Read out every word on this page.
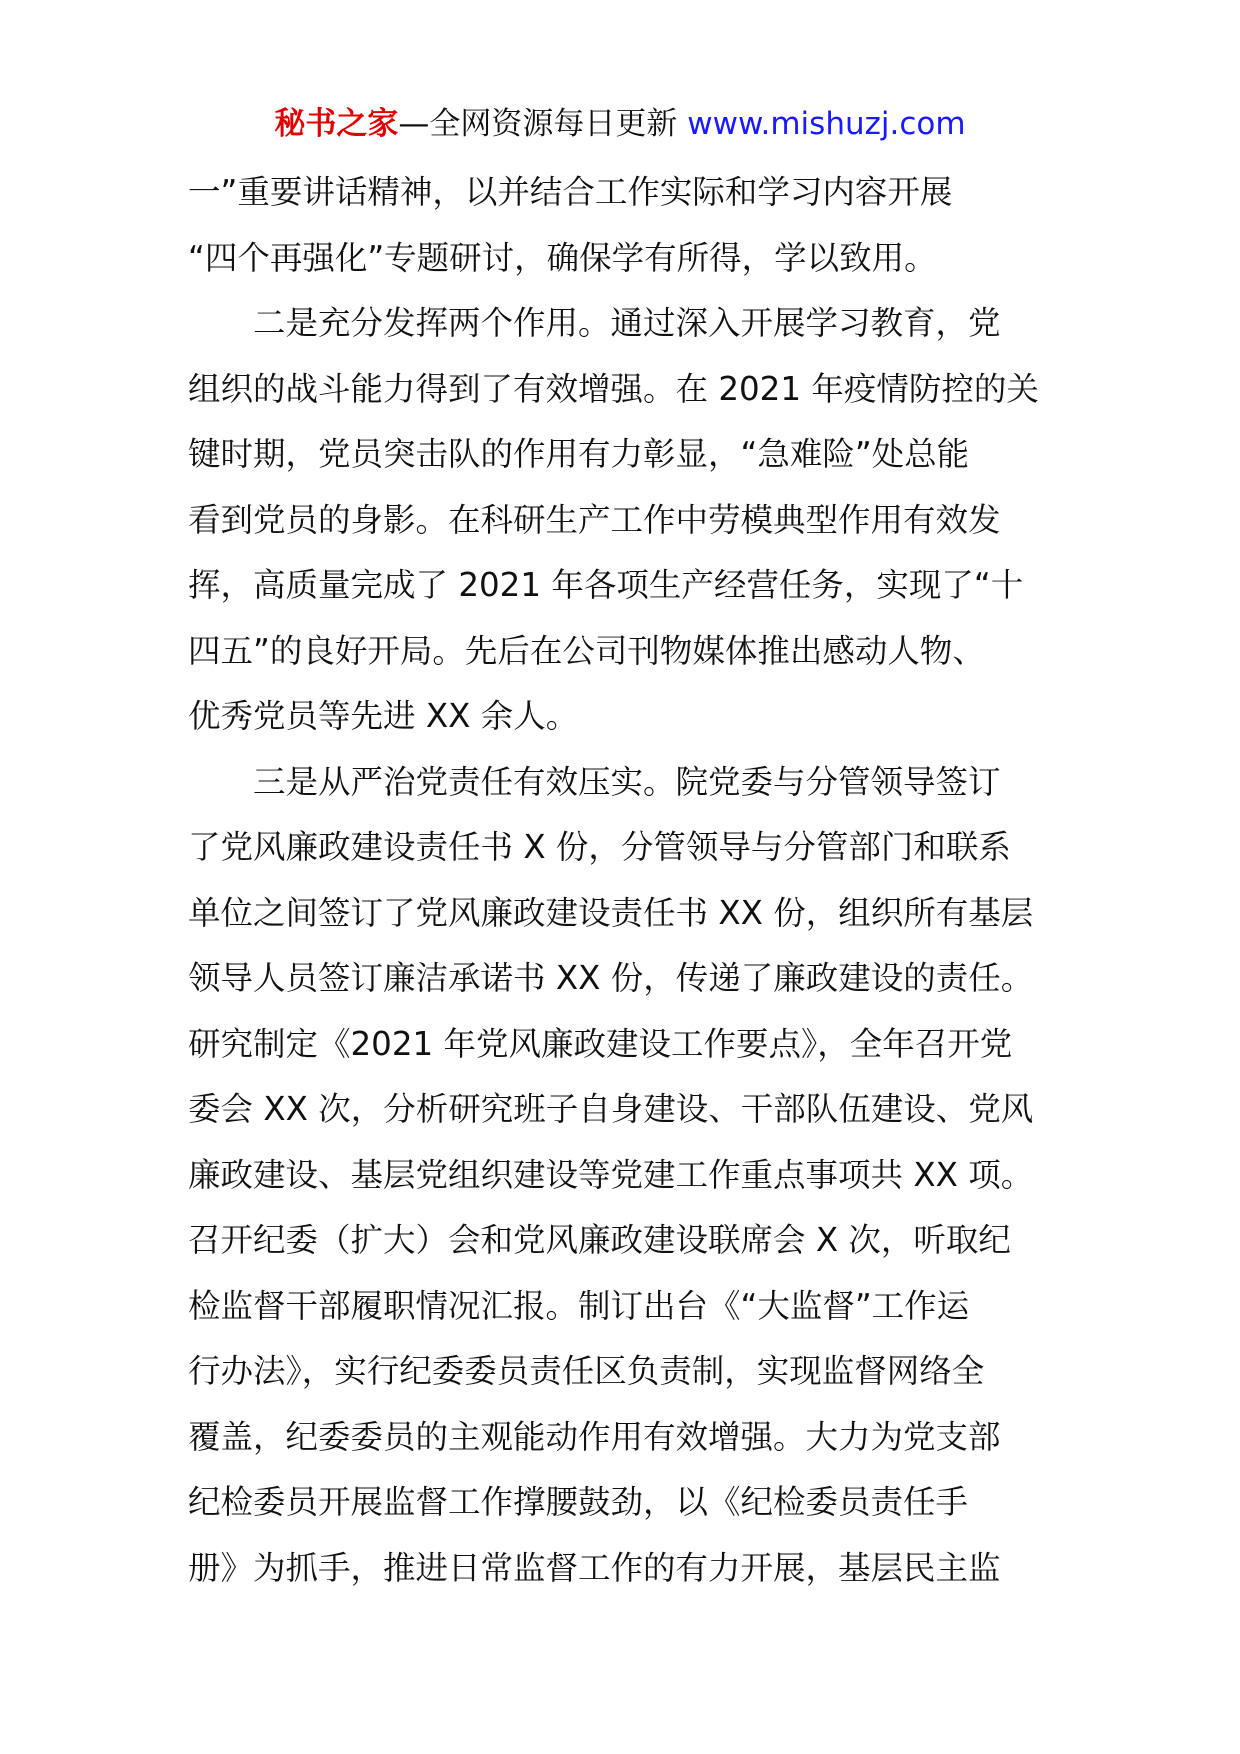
秘书之家—全网资源每日更新 www.mishuzj.com
一”重要讲话精神，以并结合工作实际和学习内容开展
“四个再强化”专题研讨，确保学有所得，学以致用。
　　二是充分发挥两个作用。通过深入开展学习教育，党
组织的战斗能力得到了有效增强。在 2021 年疫情防控的关
键时期，党员突击队的作用有力彰显，“急难险”处总能
看到党员的身影。在科研生产工作中劳模典型作用有效发
挥，高质量完成了 2021 年各项生产经营任务，实现了“十
四五”的良好开局。先后在公司刊物媒体推出感动人物、
优秀党员等先进 XX 余人。
　　三是从严治党责任有效压实。院党委与分管领导签订
了党风廉政建设责任书 X 份，分管领导与分管部门和联系
单位之间签订了党风廉政建设责任书 XX 份，组织所有基层
领导人员签订廉洁承诺书 XX 份，传递了廉政建设的责任。
研究制定《2021 年党风廉政建设工作要点》，全年召开党
委会 XX 次，分析研究班子自身建设、干部队伍建设、党风
廉政建设、基层党组织建设等党建工作重点事项共 XX 项。
召开纪委（扩大）会和党风廉政建设联席会 X 次，听取纪
检监督干部履职情况汇报。制订出台《“大监督”工作运
行办法》，实行纪委委员责任区负责制，实现监督网络全
覆盖，纪委委员的主观能动作用有效增强。大力为党支部
纪检委员开展监督工作撑腰鼓劲，以《纪检委员责任手
册》为抓手，推进日常监督工作的有力开展，基层民主监
